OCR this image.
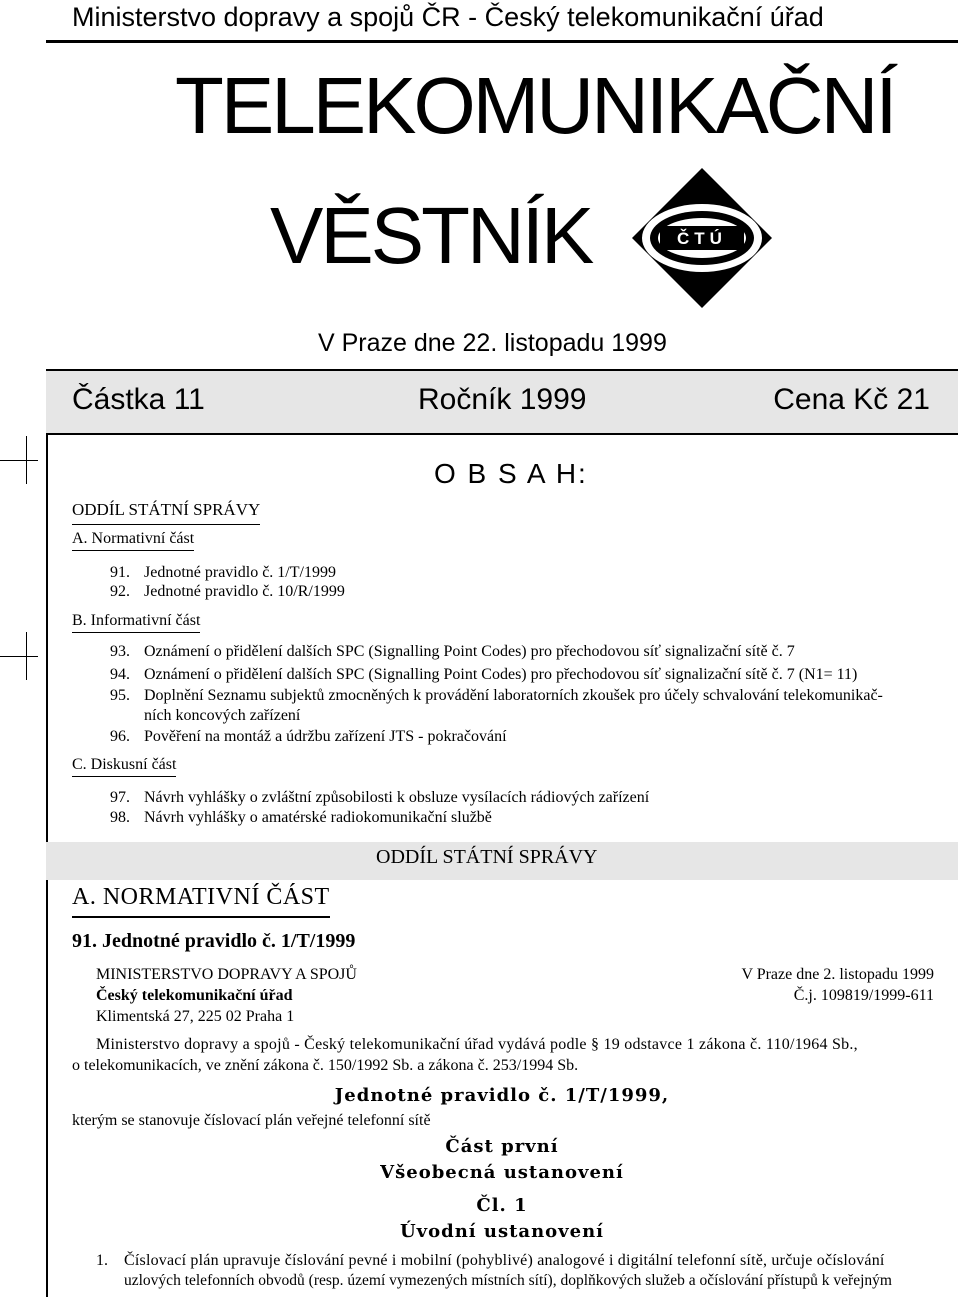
Ministerstvo dopravy a spojů ČR - Český telekomunikační úřad
TELEKOMUNIKAČNÍ
VĚSTNÍK	ČTÚ
V Praze dne 22. listopadu 1999
Částka 11	Ročník 1999	Cena Kč 21
O B S A H:
ODDÍL STÁTNÍ SPRÁVY
A. Normativní část
91. Jednotné pravidlo č. 1/T/1999
92. Jednotné pravidlo č. 10/R/1999
B. Informativní část
93. Oznámení o přidělení dalších SPC (Signalling Point Codes) pro přechodovou síť signalizační sítě č. 7
94. Oznámení o přidělení dalších SPC (Signalling Point Codes) pro přechodovou síť signalizační sítě č. 7 (N1= 11)
95. Doplnění Seznamu subjektů zmocněných k provádění laboratorních zkoušek pro účely schvalování telekomunikač-
ních koncových zařízení
96. Pověření na montáž a údržbu zařízení JTS - pokračování
C. Diskusní část
97. Návrh vyhlášky o zvláštní způsobilosti k obsluze vysílacích rádiových zařízení
98. Návrh vyhlášky o amatérské radiokomunikační službě
ODDÍL STÁTNÍ SPRÁVY
A. NORMATIVNÍ ČÁST
91. Jednotné pravidlo č. 1/T/1999
MINISTERSTVO DOPRAVY A SPOJŮ	V Praze dne 2. listopadu 1999
Český telekomunikační úřad	Č.j. 109819/1999-611
Klimentská 27, 225 02 Praha 1
Ministerstvo dopravy a spojů - Český telekomunikační úřad vydává podle § 19 odstavce 1 zákona č. 110/1964 Sb.,
o telekomunikacích, ve znění zákona č. 150/1992 Sb. a zákona č. 253/1994 Sb.
Jednotné pravidlo č. 1/T/1999,
kterým se stanovuje číslovací plán veřejné telefonní sítě
Část první
Všeobecná ustanovení
Čl. 1
Úvodní ustanovení
1. Číslovací plán upravuje číslování pevné i mobilní (pohyblivé) analogové i digitální telefonní sítě, určuje očíslování
uzlových telefonních obvodů (resp. území vymezených místních sítí), doplňkových služeb a očíslování přístupů k veřejným
